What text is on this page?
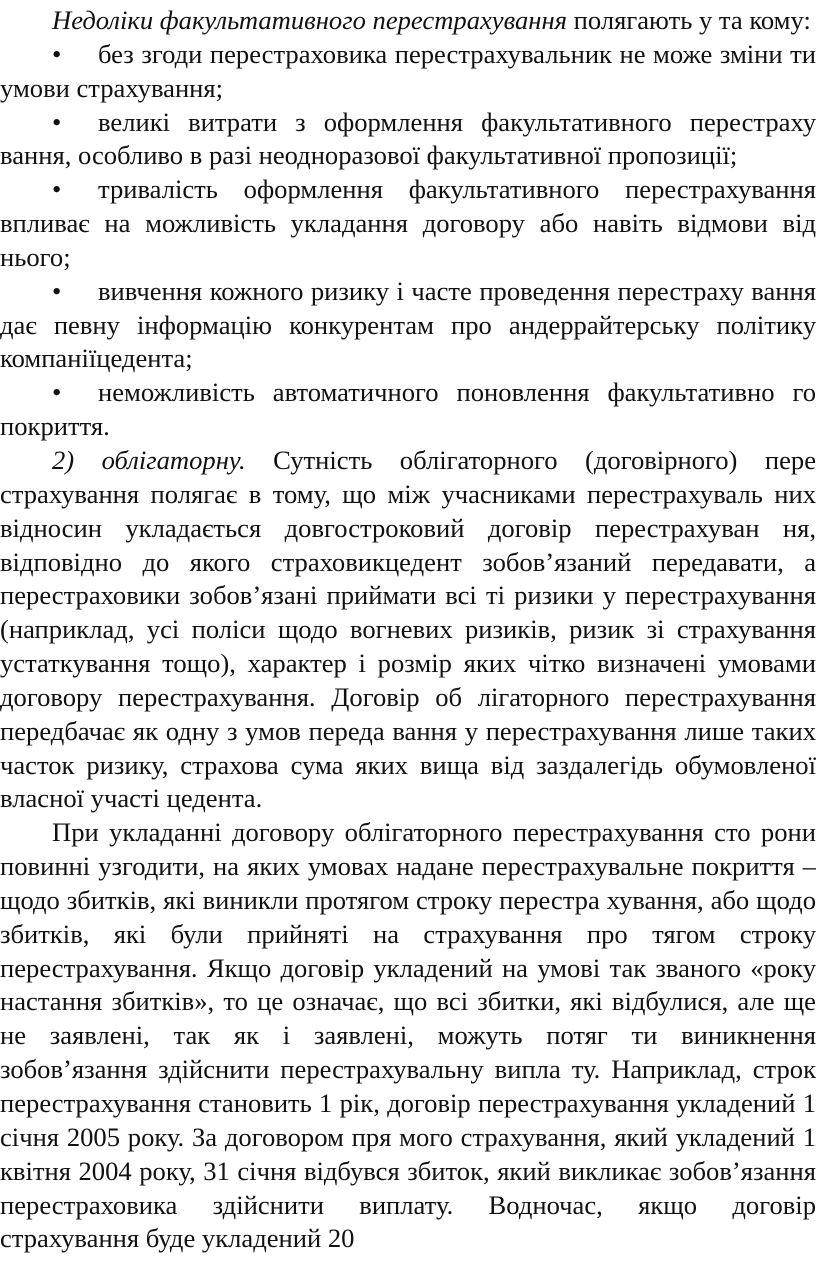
Недоліки факультативного перестрахування полягають у та кому:

• без згоди перестраховика перестрахувальник не може зміни ти умови страхування;

• великі витрати з оформлення факультативного перестраху вання, особливо в разі неодноразової факультативної пропозиції;

• тривалість оформлення факультативного перестрахування впливає на можливість укладання договору або навіть відмови від нього;

• вивчення кожного ризику і часте проведення перестраху вання дає певну інформацію конкурентам про андеррайтерську політику компаніїцедента;

• неможливість автоматичного поновлення факультативно го покриття.

2) облігаторну. Сутність облігаторного (договірного) пере страхування полягає в тому, що між учасниками перестрахуваль них відносин укладається довгостроковий договір перестрахуван ня, відповідно до якого страховикцедент зобов’язаний передавати, а перестраховики зобов’язані приймати всі ті ризики у перестрахування (наприклад, усі поліси щодо вогневих ризиків, ризик зі страхування устаткування тощо), характер і розмір яких чітко визначені умовами договору перестрахування. Договір об лігаторного перестрахування передбачає як одну з умов переда вання у перестрахування лише таких часток ризику, страхова сума яких вища від заздалегідь обумовленої власної участі цедента.

При укладанні договору облігаторного перестрахування сто рони повинні узгодити, на яких умовах надане перестрахувальне покриття – щодо збитків, які виникли протягом строку перестра хування, або щодо збитків, які були прийняті на страхування про тягом строку перестрахування. Якщо договір укладений на умові так званого «року настання збитків», то це означає, що всі збитки, які відбулися, але ще не заявлені, так як і заявлені, можуть потяг ти виникнення зобов’язання здійснити перестрахувальну випла ту. Наприклад, строк перестрахування становить 1 рік, договір перестрахування укладений 1 січня 2005 року. За договором пря мого страхування, який укладений 1 квітня 2004 року, 31 січня відбувся збиток, який викликає зобов’язання перестраховика здійснити виплату. Водночас, якщо договір страхування буде укладений 20
